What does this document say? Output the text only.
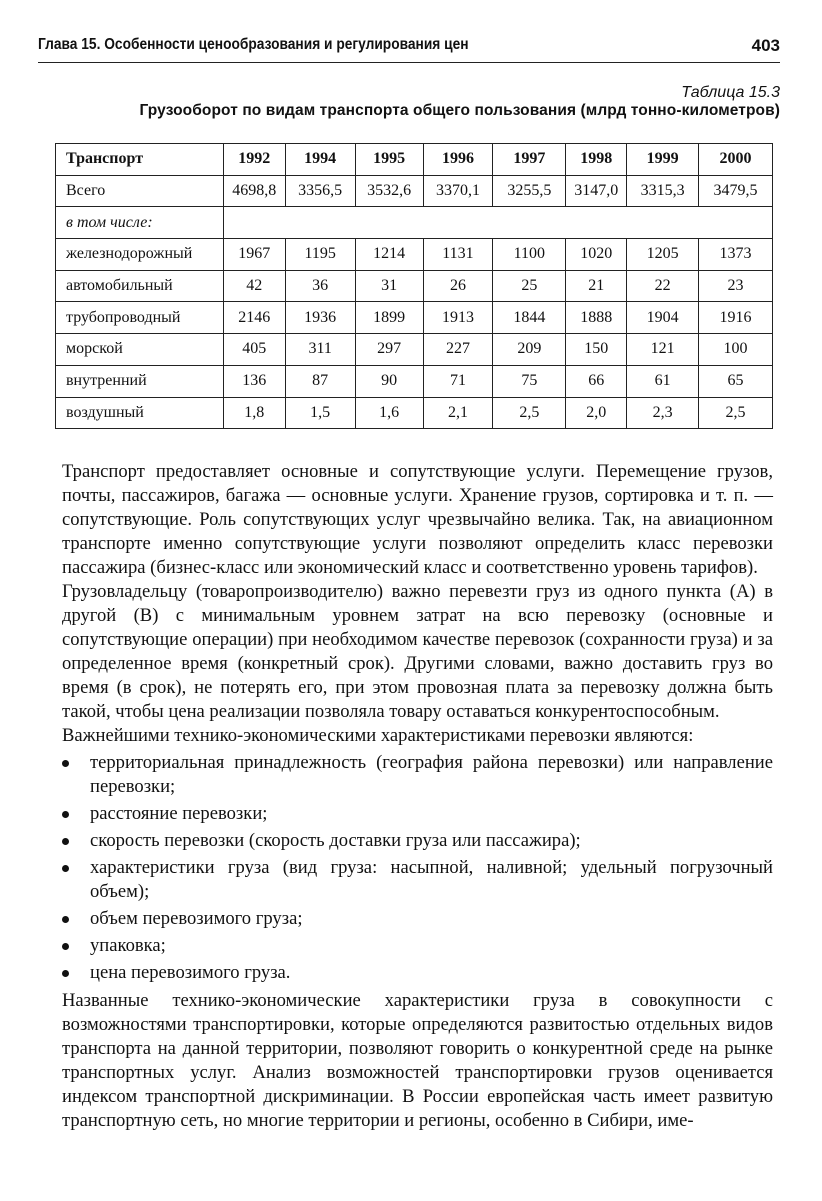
Глава 15. Особенности ценообразования и регулирования цен	403
Таблица 15.3
Грузооборот по видам транспорта общего пользования (млрд тонно-километров)
Транспорт	1992	1994	1995	1996	1997	1998	1999	2000
Всего	4698,8	3356,5	3532,6	3370,1	3255,5	3147,0	3315,3	3479,5
в том числе:								
железнодорожный	1967	1195	1214	1131	1100	1020	1205	1373
автомобильный	42	36	31	26	25	21	22	23
трубопроводный	2146	1936	1899	1913	1844	1888	1904	1916
морской	405	311	297	227	209	150	121	100
внутренний	136	87	90	71	75	66	61	65
воздушный	1,8	1,5	1,6	2,1	2,5	2,0	2,3	2,5

Транспорт предоставляет основные и сопутствующие услуги. Перемещение грузов, почты, пассажиров, багажа — основные услуги. Хранение грузов, сортировка и т. п. — сопутствующие. Роль сопутствующих услуг чрезвычайно велика. Так, на авиационном транспорте именно сопутствующие услуги позволяют определить класс перевозки пассажира (бизнес-класс или экономический класс и соответственно уровень тарифов).

Грузовладельцу (товаропроизводителю) важно перевезти груз из одного пункта (A) в другой (B) с минимальным уровнем затрат на всю перевозку (основные и сопутствующие операции) при необходимом качестве перевозок (сохранности груза) и за определенное время (конкретный срок). Другими словами, важно доставить груз во время (в срок), не потерять его, при этом провозная плата за перевозку должна быть такой, чтобы цена реализации позволяла товару оставаться конкурентоспособным.

Важнейшими технико-экономическими характеристиками перевозки являются:

территориальная принадлежность (география района перевозки) или направление перевозки;
расстояние перевозки;
скорость перевозки (скорость доставки груза или пассажира);
характеристики груза (вид груза: насыпной, наливной; удельный погрузочный объем);
объем перевозимого груза;
упаковка;
цена перевозимого груза.

Названные технико-экономические характеристики груза в совокупности с возможностями транспортировки, которые определяются развитостью отдельных видов транспорта на данной территории, позволяют говорить о конкурентной среде на рынке транспортных услуг. Анализ возможностей транспортировки грузов оценивается индексом транспортной дискриминации. В России европейская часть имеет развитую транспортную сеть, но многие территории и регионы, особенно в Сибири, име-
